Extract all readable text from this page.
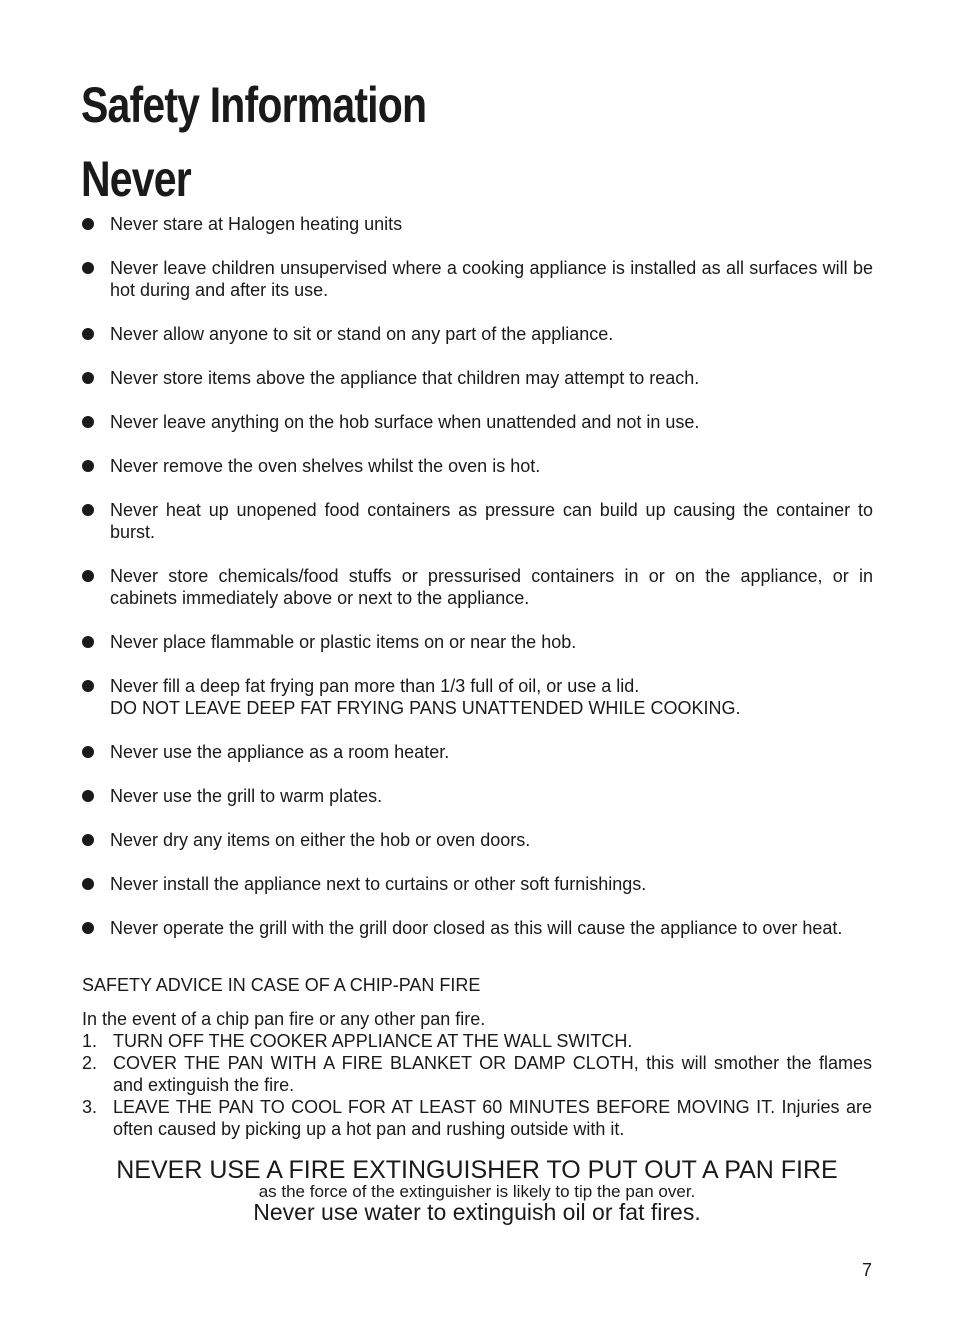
Safety Information
Never
Never stare at Halogen heating units
Never leave children unsupervised where a cooking appliance is installed as all surfaces will be hot during and after its use.
Never allow anyone to sit or stand on any part of the appliance.
Never store items above the appliance that children may attempt to reach.
Never leave anything on the hob surface when unattended and not in use.
Never remove the oven shelves whilst the oven is hot.
Never heat up unopened food containers as pressure can build up causing the container to burst.
Never store chemicals/food stuffs or pressurised containers in or on the appliance, or in cabinets immediately above or next to the appliance.
Never place flammable or plastic items on or near the hob.
Never fill a deep fat frying pan more than 1/3 full of oil, or use a lid.
DO NOT LEAVE DEEP FAT FRYING PANS UNATTENDED WHILE COOKING.
Never use the appliance as a room heater.
Never use the grill to warm plates.
Never dry any items on either the hob or oven doors.
Never install the appliance next to curtains or other soft furnishings.
Never operate the grill with the grill door closed as this will cause the appliance to over heat.

SAFETY ADVICE IN CASE OF A CHIP-PAN FIRE

In the event of a chip pan fire or any other pan fire.

1. TURN OFF THE COOKER APPLIANCE AT THE WALL SWITCH.
2. COVER THE PAN WITH A FIRE BLANKET OR DAMP CLOTH, this will smother the flames and extinguish the fire.
3. LEAVE THE PAN TO COOL FOR AT LEAST 60 MINUTES BEFORE MOVING IT. Injuries are often caused by picking up a hot pan and rushing outside with it.
NEVER USE A FIRE EXTINGUISHER TO PUT OUT A PAN FIRE
as the force of the extinguisher is likely to tip the pan over.
Never use water to extinguish oil or fat fires.
7
